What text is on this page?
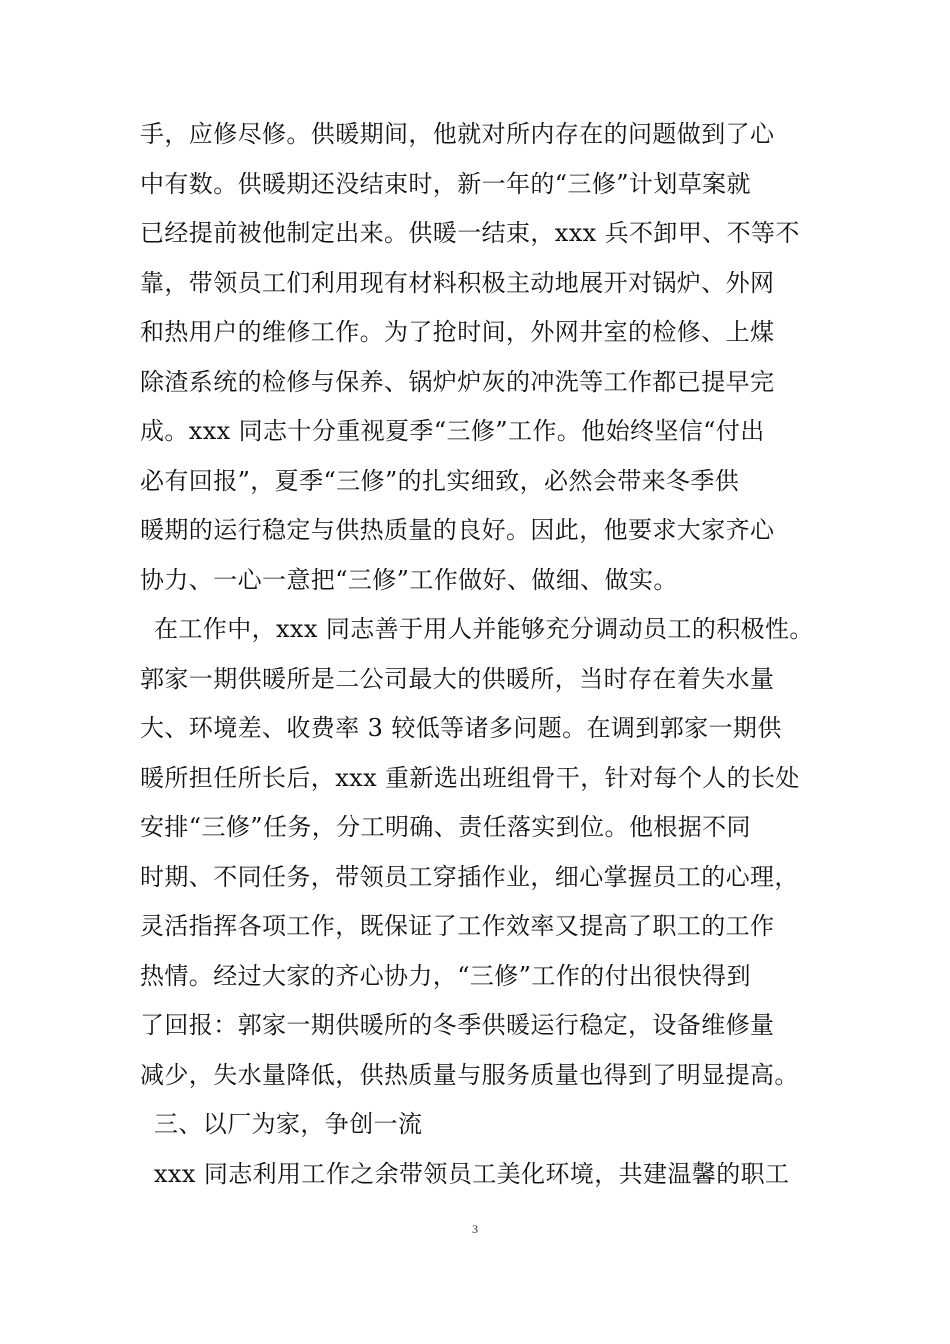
手，应修尽修。供暖期间，他就对所内存在的问题做到了心
中有数。供暖期还没结束时，新一年的“三修”计划草案就
已经提前被他制定出来。供暖一结束，xxx 兵不卸甲、不等不
靠，带领员工们利用现有材料积极主动地展开对锅炉、外网
和热用户的维修工作。为了抢时间，外网井室的检修、上煤
除渣系统的检修与保养、锅炉炉灰的冲洗等工作都已提早完
成。xxx 同志十分重视夏季“三修”工作。他始终坚信“付出
必有回报”，夏季“三修”的扎实细致，必然会带来冬季供
暖期的运行稳定与供热质量的良好。因此，他要求大家齐心
协力、一心一意把“三修”工作做好、做细、做实。
在工作中，xxx 同志善于用人并能够充分调动员工的积极性。
郭家一期供暖所是二公司最大的供暖所，当时存在着失水量
大、环境差、收费率 3 较低等诸多问题。在调到郭家一期供
暖所担任所长后，xxx 重新选出班组骨干，针对每个人的长处
安排“三修”任务，分工明确、责任落实到位。他根据不同
时期、不同任务，带领员工穿插作业，细心掌握员工的心理，
灵活指挥各项工作，既保证了工作效率又提高了职工的工作
热情。经过大家的齐心协力，“三修”工作的付出很快得到
了回报：郭家一期供暖所的冬季供暖运行稳定，设备维修量
减少，失水量降低，供热质量与服务质量也得到了明显提高。
三、以厂为家，争创一流
xxx 同志利用工作之余带领员工美化环境，共建温馨的职工
3
